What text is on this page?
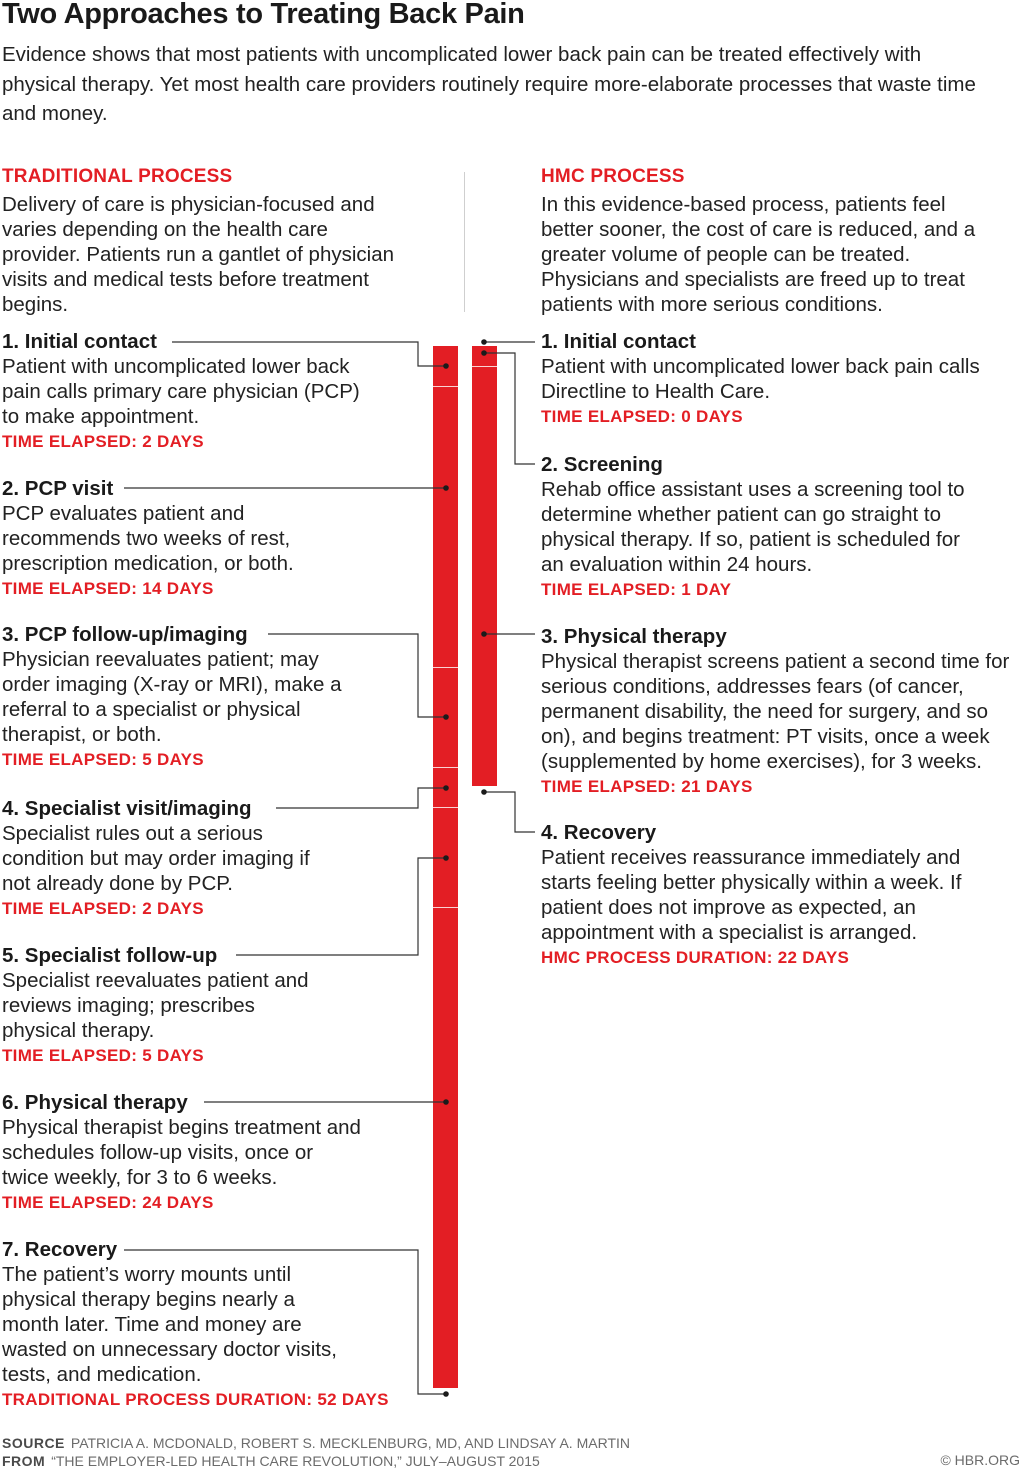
Two Approaches to Treating Back Pain
Evidence shows that most patients with uncomplicated lower back pain can be treated effectively with physical therapy. Yet most health care providers routinely require more-elaborate processes that waste time and money.
TRADITIONAL PROCESS
Delivery of care is physician-focused and varies depending on the health care provider. Patients run a gantlet of physician visits and medical tests before treatment begins.
HMC PROCESS
In this evidence-based process, patients feel better sooner, the cost of care is reduced, and a greater volume of people can be treated. Physicians and specialists are freed up to treat patients with more serious conditions.
1. Initial contact
Patient with uncomplicated lower back pain calls primary care physician (PCP) to make appointment.
TIME ELAPSED: 2 DAYS
2. PCP visit
PCP evaluates patient and recommends two weeks of rest, prescription medication, or both.
TIME ELAPSED: 14 DAYS
3. PCP follow-up/imaging
Physician reevaluates patient; may order imaging (X-ray or MRI), make a referral to a specialist or physical therapist, or both.
TIME ELAPSED: 5 DAYS
4. Specialist visit/imaging
Specialist rules out a serious condition but may order imaging if not already done by PCP.
TIME ELAPSED: 2 DAYS
5. Specialist follow-up
Specialist reevaluates patient and reviews imaging; prescribes physical therapy.
TIME ELAPSED: 5 DAYS
6. Physical therapy
Physical therapist begins treatment and schedules follow-up visits, once or twice weekly, for 3 to 6 weeks.
TIME ELAPSED: 24 DAYS
7. Recovery
The patient’s worry mounts until physical therapy begins nearly a month later. Time and money are wasted on unnecessary doctor visits, tests, and medication.
TRADITIONAL PROCESS DURATION: 52 DAYS
1. Initial contact
Patient with uncomplicated lower back pain calls Directline to Health Care.
TIME ELAPSED: 0 DAYS
2. Screening
Rehab office assistant uses a screening tool to determine whether patient can go straight to physical therapy. If so, patient is scheduled for an evaluation within 24 hours.
TIME ELAPSED: 1 DAY
3. Physical therapy
Physical therapist screens patient a second time for serious conditions, addresses fears (of cancer, permanent disability, the need for surgery, and so on), and begins treatment: PT visits, once a week (supplemented by home exercises), for 3 weeks.
TIME ELAPSED: 21 DAYS
4. Recovery
Patient receives reassurance immediately and starts feeling better physically within a week. If patient does not improve as expected, an appointment with a specialist is arranged.
HMC PROCESS DURATION: 22 DAYS
SOURCE PATRICIA A. MCDONALD, ROBERT S. MECKLENBURG, MD, AND LINDSAY A. MARTIN
FROM “THE EMPLOYER-LED HEALTH CARE REVOLUTION,” JULY–AUGUST 2015	© HBR.ORG
